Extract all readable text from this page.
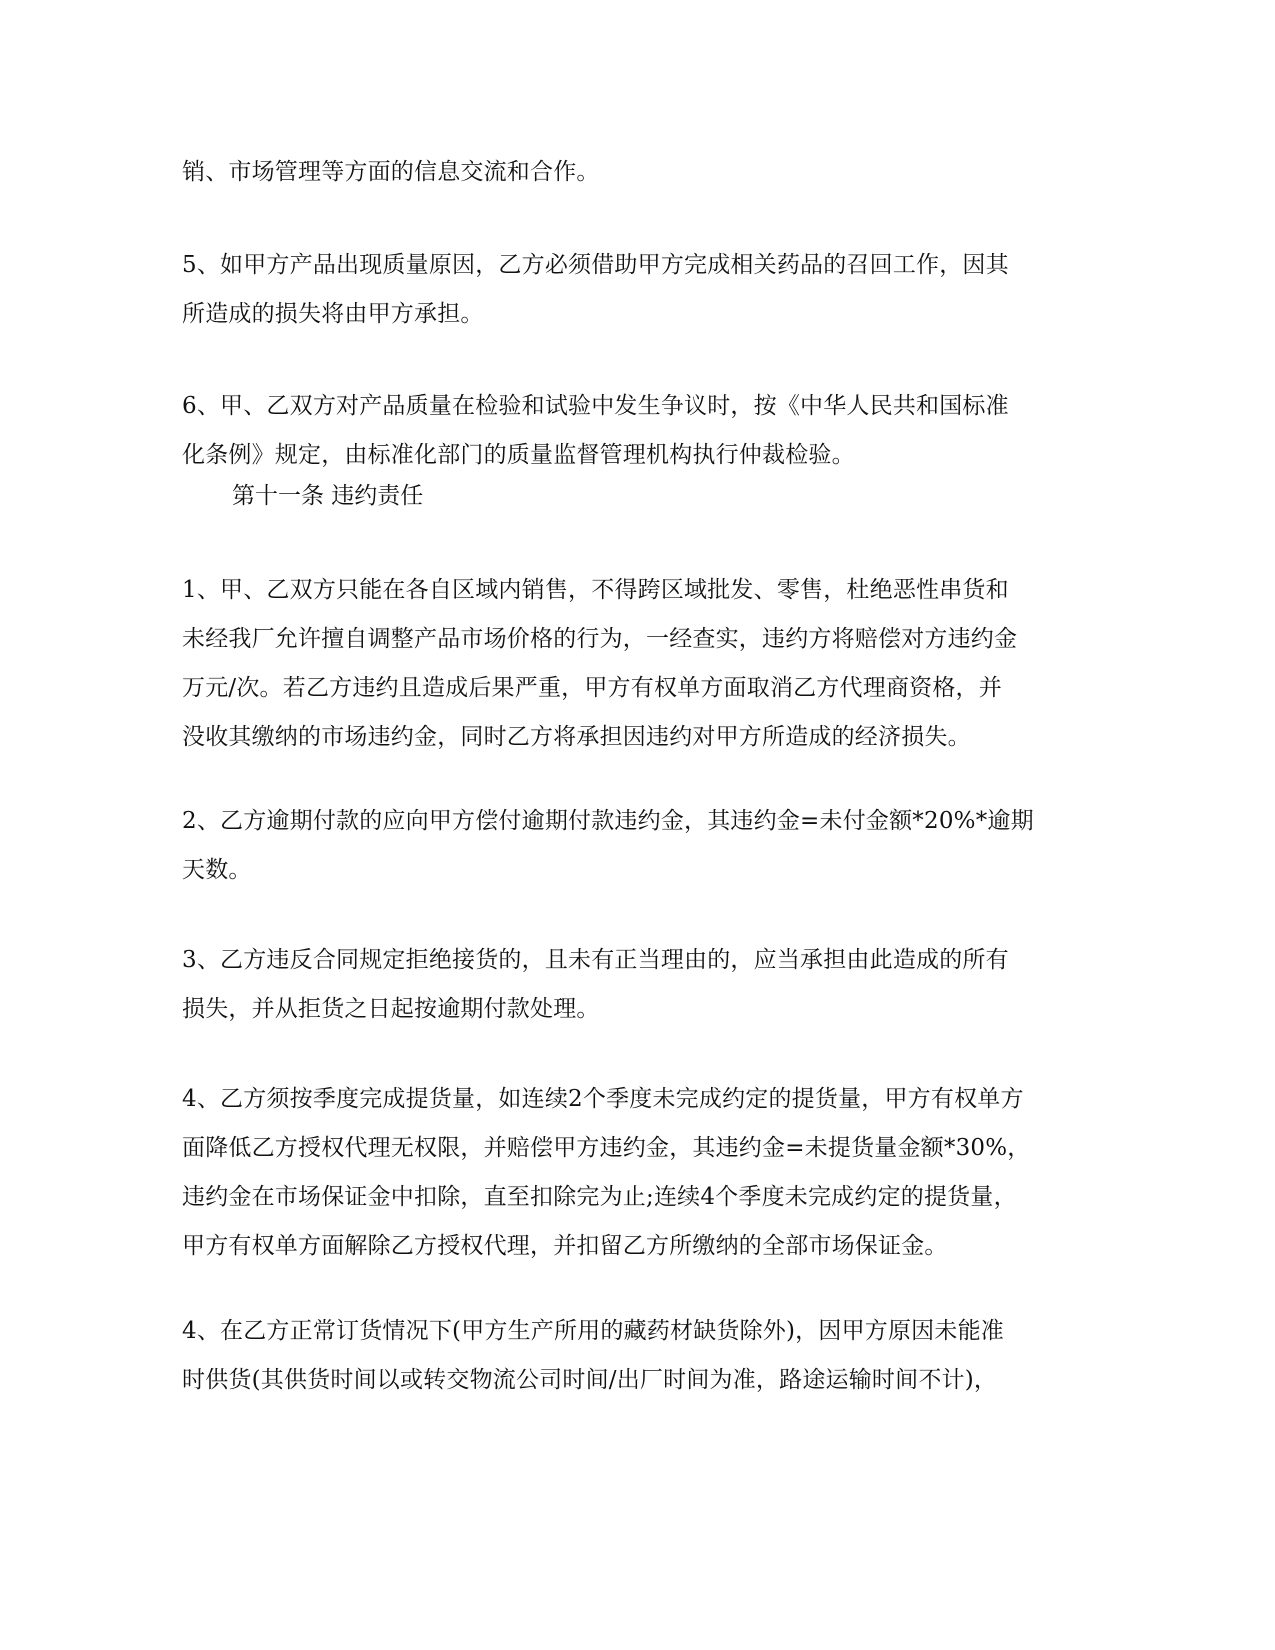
销、市场管理等方面的信息交流和合作。

5、如甲方产品出现质量原因，乙方必须借助甲方完成相关药品的召回工作，因其
所造成的损失将由甲方承担。

6、甲、乙双方对产品质量在检验和试验中发生争议时，按《中华人民共和国标准
化条例》规定，由标准化部门的质量监督管理机构执行仲裁检验。

第十一条 违约责任

1、甲、乙双方只能在各自区域内销售，不得跨区域批发、零售，杜绝恶性串货和
未经我厂允许擅自调整产品市场价格的行为，一经查实，违约方将赔偿对方违约金
万元/次。若乙方违约且造成后果严重，甲方有权单方面取消乙方代理商资格，并
没收其缴纳的市场违约金，同时乙方将承担因违约对甲方所造成的经济损失。

2、乙方逾期付款的应向甲方偿付逾期付款违约金，其违约金=未付金额*20%*逾期
天数。

3、乙方违反合同规定拒绝接货的，且未有正当理由的，应当承担由此造成的所有
损失，并从拒货之日起按逾期付款处理。

4、乙方须按季度完成提货量，如连续2个季度未完成约定的提货量，甲方有权单方
面降低乙方授权代理无权限，并赔偿甲方违约金，其违约金=未提货量金额*30%，
违约金在市场保证金中扣除，直至扣除完为止;连续4个季度未完成约定的提货量，
甲方有权单方面解除乙方授权代理，并扣留乙方所缴纳的全部市场保证金。

4、在乙方正常订货情况下(甲方生产所用的藏药材缺货除外)，因甲方原因未能准
时供货(其供货时间以或转交物流公司时间/出厂时间为准，路途运输时间不计)，
